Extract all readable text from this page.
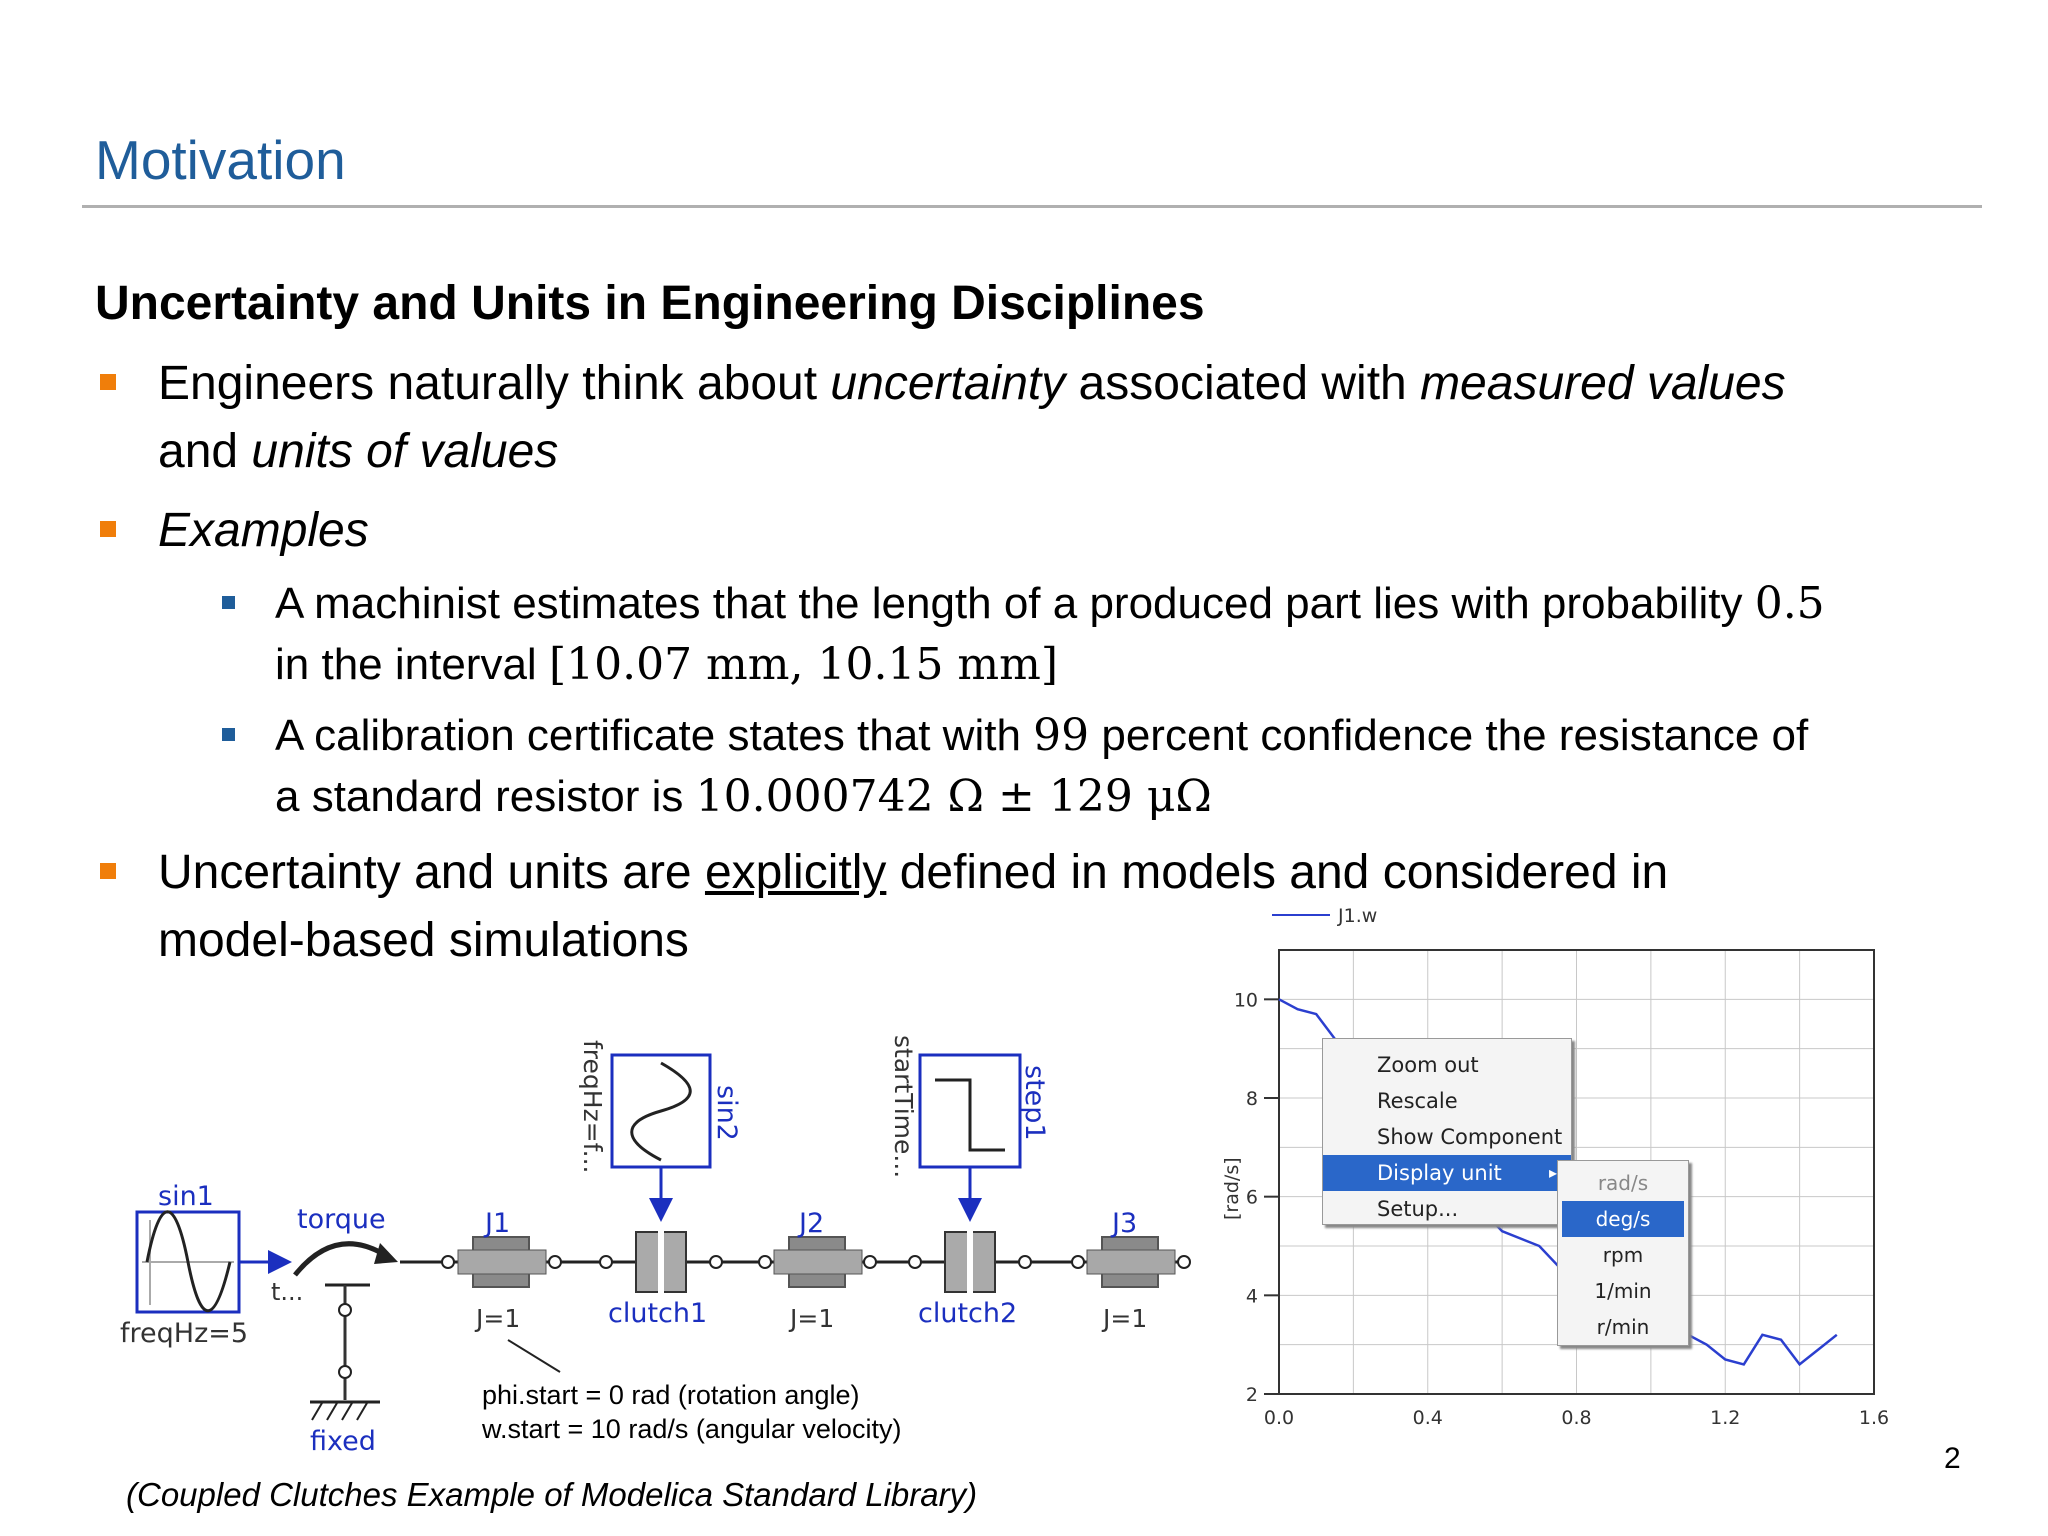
Motivation
Uncertainty and Units in Engineering Disciplines
Engineers naturally think about uncertainty associated with measured values
and units of values
Examples
A machinist estimates that the length of a produced part lies with probability 0.5
in the interval [10.07 mm, 10.15 mm]
A calibration certificate states that with 99 percent confidence the resistance of
a standard resistor is 10.000742 Ω ± 129 μΩ
Uncertainty and units are explicitly defined in models and considered in
model-based simulations
sin1
freqHz=5
torque
t...
fixed
J1
J=1	clutch1
sin2
freqHz=f...
J2
J=1	clutch2
step1
startTime...
J3
J=1
phi.start = 0 rad (rotation angle)
w.start = 10 rad/s (angular velocity)
2
4
6
8
10
0.0	0.4	0.8	1.2	1.6
J1.w
[rad/s]
Zoom out
Rescale
Show Component
Display unit	▸
Setup...
rad/s
deg/s
rpm
1/min
r/min
(Coupled Clutches Example of Modelica Standard Library)
2
